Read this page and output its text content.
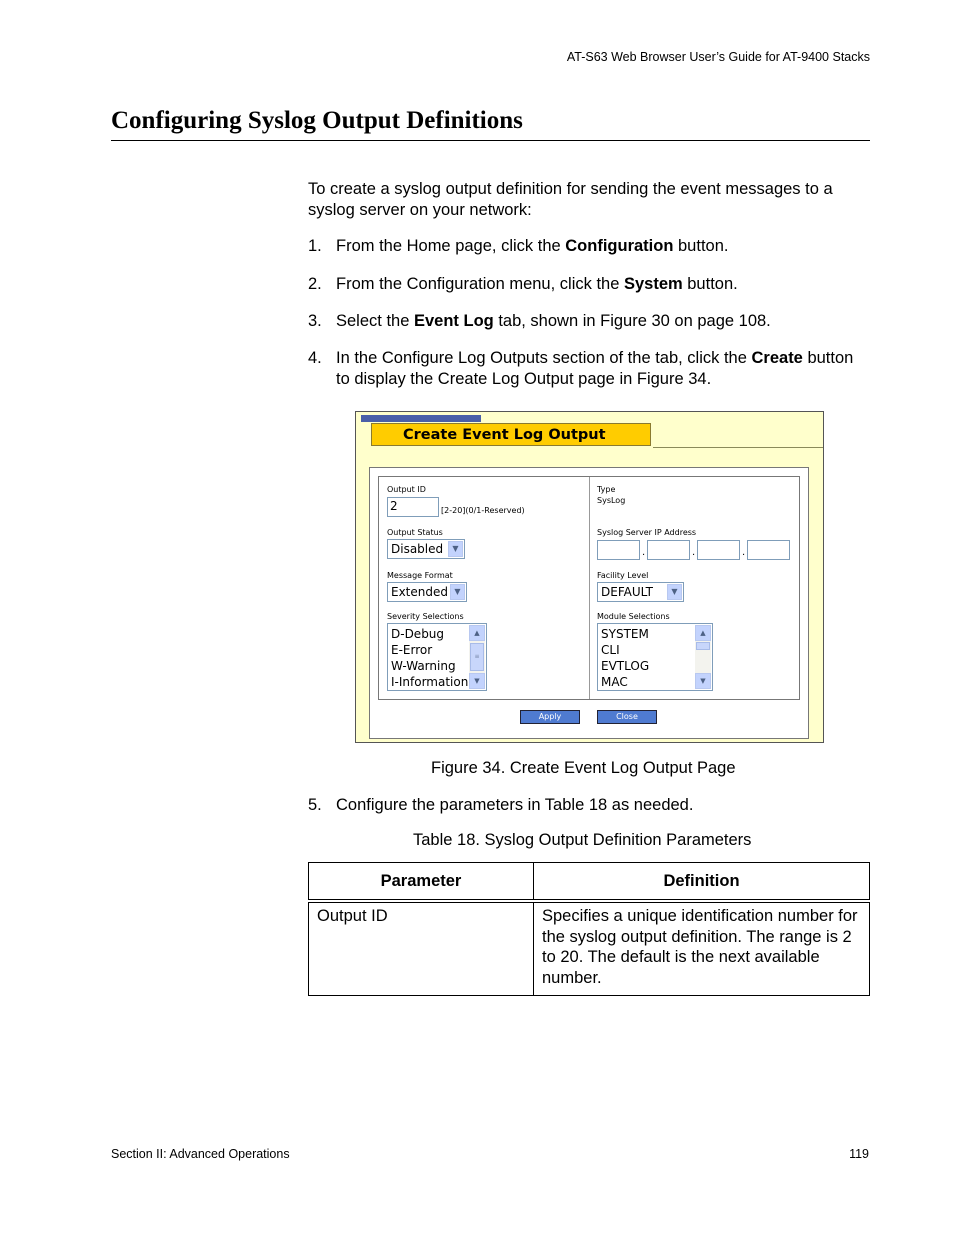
AT-S63 Web Browser User’s Guide for AT-9400 Stacks
Configuring Syslog Output Definitions
To create a syslog output definition for sending the event messages to a syslog server on your network:
1. From the Home page, click the Configuration button.
2. From the Configuration menu, click the System button.
3. Select the Event Log tab, shown in Figure 30 on page 108.
4. In the Configure Log Outputs section of the tab, click the Create button to display the Create Log Output page in Figure 34.
Create Event Log Output
Output ID
2	[2-20](0/1-Reserved)
Output Status
Disabled	▼
Message Format
Extended ▼
Severity Selections
D-Debug
E-Error
W-Warning
I-Information
▲
≡
▼
Type
SysLog
Syslog Server IP Address
.	.	.
Facility Level
DEFAULT	▼
Module Selections
SYSTEM
CLI
EVTLOG
MAC
▲
▼
Apply	Close
Figure 34. Create Event Log Output Page
5. Configure the parameters in Table 18 as needed.
Table 18. Syslog Output Definition Parameters
Parameter	Definition
Output ID	Specifies a unique identification number for the syslog output definition. The range is 2 to 20. The default is the next available number.
Section II: Advanced Operations	119
